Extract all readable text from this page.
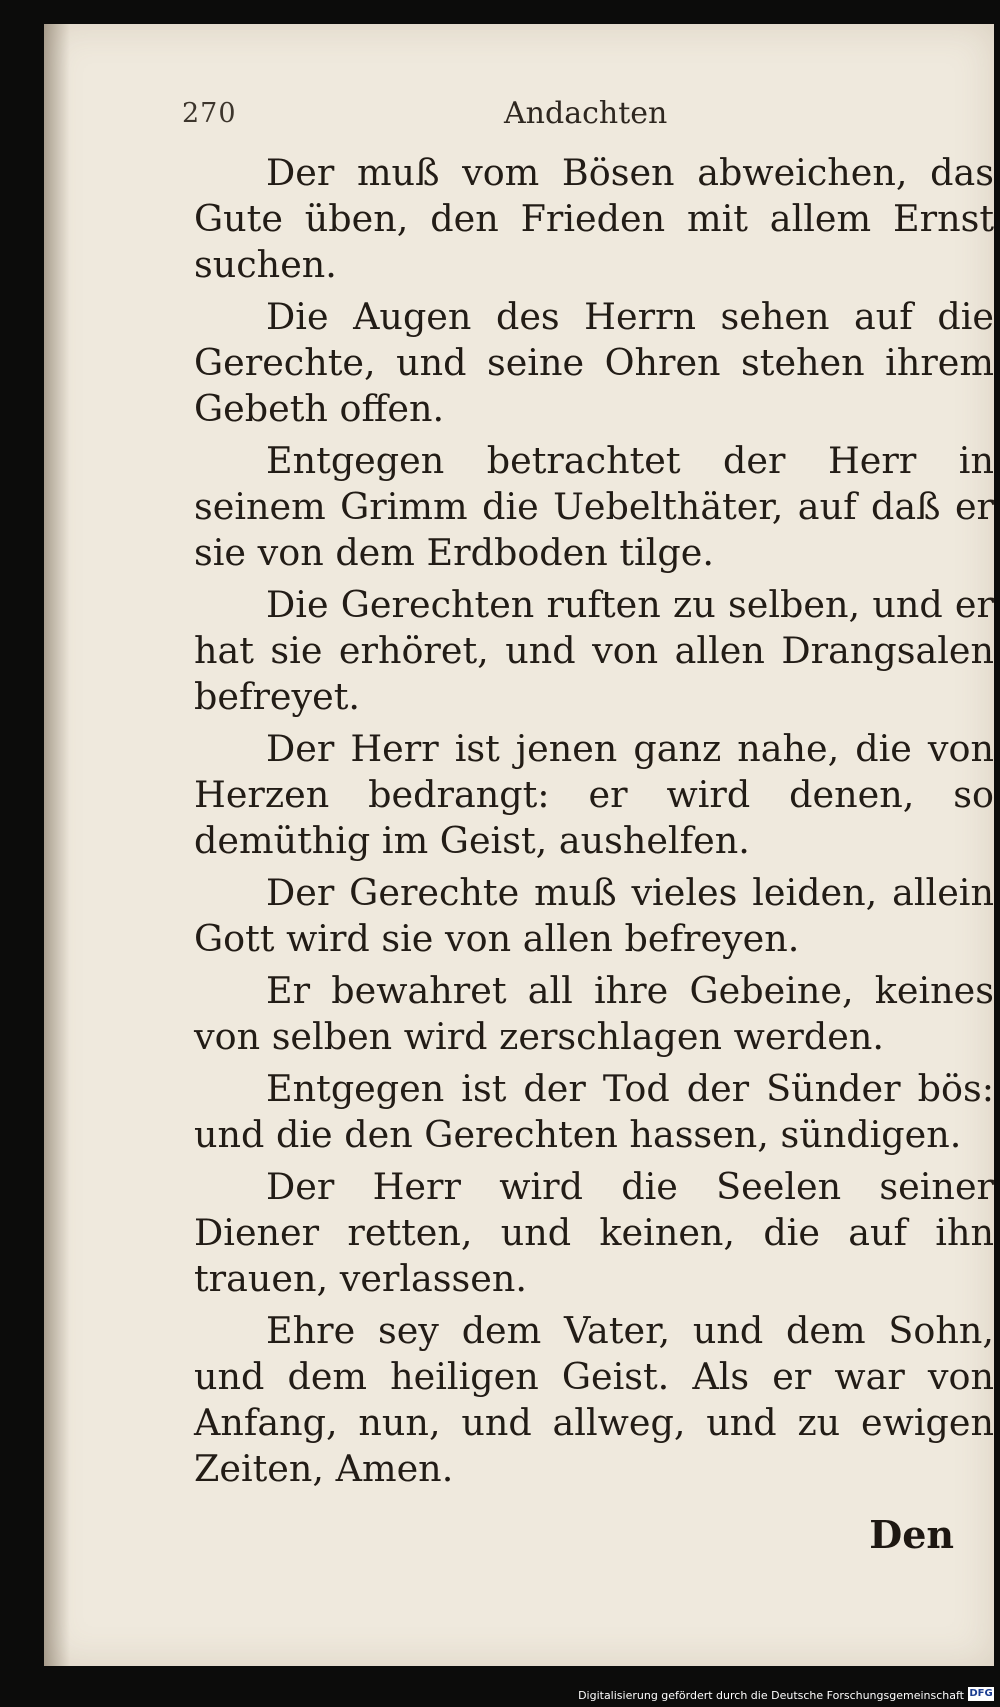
270	Andachten

Der muß vom Bösen abweichen, das Gute üben, den Frieden mit allem Ernst suchen.

Die Augen des Herrn sehen auf die Gerechte, und seine Ohren stehen ihrem Gebeth offen.

Entgegen betrachtet der Herr in seinem Grimm die Uebelthäter, auf daß er sie von dem Erdboden tilge.

Die Gerechten ruften zu selben, und er hat sie erhöret, und von allen Drangsalen befreyet.

Der Herr ist jenen ganz nahe, die von Herzen bedrangt: er wird denen, so demüthig im Geist, aushelfen.

Der Gerechte muß vieles leiden, allein Gott wird sie von allen befreyen.

Er bewahret all ihre Gebeine, keines von selben wird zerschlagen werden.

Entgegen ist der Tod der Sünder bös: und die den Gerechten hassen, sündigen.

Der Herr wird die Seelen seiner Diener retten, und keinen, die auf ihn trauen, verlassen.

Ehre sey dem Vater, und dem Sohn, und dem heiligen Geist. Als er war von Anfang, nun, und allweg, und zu ewigen Zeiten, Amen.

Den
Digitalisierung gefördert durch die Deutsche Forschungsgemeinschaft DFG
